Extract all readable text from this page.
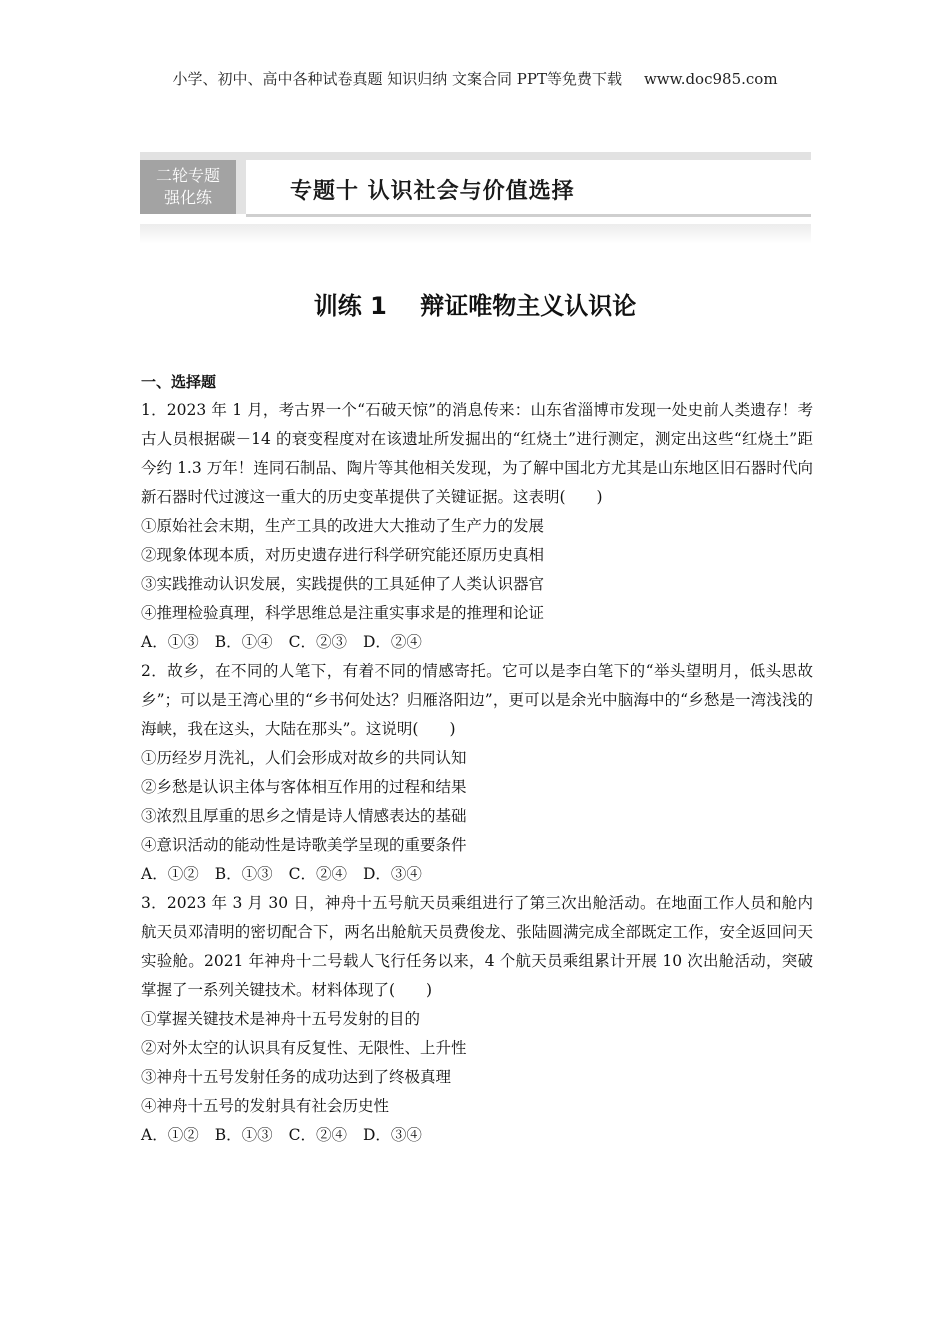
小学、初中、高中各种试卷真题 知识归纳 文案合同 PPT等免费下载 www.doc985.com
二轮专题
强化练	专题十 认识社会与价值选择
训练 1    辩证唯物主义认识论
一、选择题
1．2023 年 1 月，考古界一个“石破天惊”的消息传来：山东省淄博市发现一处史前人类遗存！考古人员根据碳－14 的衰变程度对在该遗址所发掘出的“红烧土”进行测定，测定出这些“红烧土”距今约 1.3 万年！连同石制品、陶片等其他相关发现，为了解中国北方尤其是山东地区旧石器时代向新石器时代过渡这一重大的历史变革提供了关键证据。这表明(　　)
①原始社会末期，生产工具的改进大大推动了生产力的发展
②现象体现本质，对历史遗存进行科学研究能还原历史真相
③实践推动认识发展，实践提供的工具延伸了人类认识器官
④推理检验真理，科学思维总是注重实事求是的推理和论证
A．①③ B．①④ C．②③ D．②④
2．故乡，在不同的人笔下，有着不同的情感寄托。它可以是李白笔下的“举头望明月，低头思故乡”；可以是王湾心里的“乡书何处达？归雁洛阳边”，更可以是余光中脑海中的“乡愁是一湾浅浅的海峡，我在这头，大陆在那头”。这说明(　　)
①历经岁月洗礼，人们会形成对故乡的共同认知
②乡愁是认识主体与客体相互作用的过程和结果
③浓烈且厚重的思乡之情是诗人情感表达的基础
④意识活动的能动性是诗歌美学呈现的重要条件
A．①② B．①③ C．②④ D．③④
3．2023 年 3 月 30 日，神舟十五号航天员乘组进行了第三次出舱活动。在地面工作人员和舱内航天员邓清明的密切配合下，两名出舱航天员费俊龙、张陆圆满完成全部既定工作，安全返回问天实验舱。2021 年神舟十二号载人飞行任务以来，4 个航天员乘组累计开展 10 次出舱活动，突破掌握了一系列关键技术。材料体现了(　　)
①掌握关键技术是神舟十五号发射的目的
②对外太空的认识具有反复性、无限性、上升性
③神舟十五号发射任务的成功达到了终极真理
④神舟十五号的发射具有社会历史性
A．①② B．①③ C．②④ D．③④
